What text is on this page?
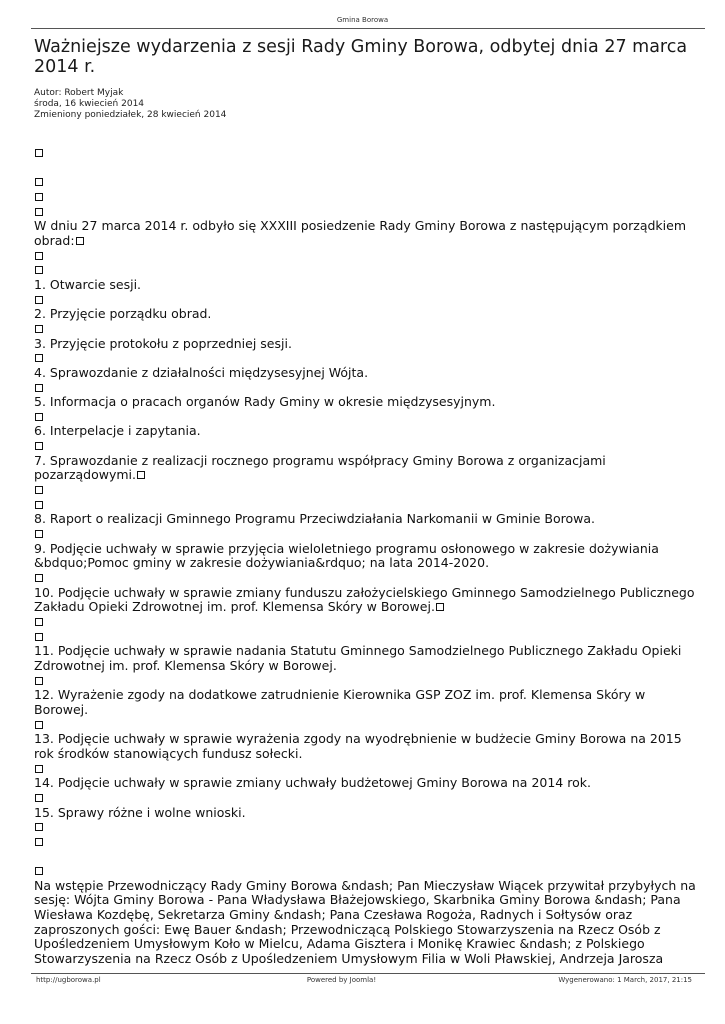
Gmina Borowa
Ważniejsze wydarzenia z sesji Rady Gminy Borowa, odbytej dnia 27 marca
2014 r.
Autor: Robert Myjak
środa, 16 kwiecień 2014
Zmieniony poniedziałek, 28 kwiecień 2014

W dniu 27 marca 2014 r. odbyło się XXXIII posiedzenie Rady Gminy Borowa z następującym porządkiem
obrad:
1. Otwarcie sesji.
2. Przyjęcie porządku obrad.
3. Przyjęcie protokołu z poprzedniej sesji.
4. Sprawozdanie z działalności międzysesyjnej Wójta.
5. Informacja o pracach organów Rady Gminy w okresie międzysesyjnym.
6. Interpelacje i zapytania.
7. Sprawozdanie z realizacji rocznego programu współpracy Gminy Borowa z organizacjami
pozarządowymi.
8. Raport o realizacji Gminnego Programu Przeciwdziałania Narkomanii w Gminie Borowa.
9. Podjęcie uchwały w sprawie przyjęcia wieloletniego programu osłonowego w zakresie dożywiania
&bdquo;Pomoc gminy w zakresie dożywiania&rdquo; na lata 2014-2020.
10. Podjęcie uchwały w sprawie zmiany funduszu założycielskiego Gminnego Samodzielnego Publicznego
Zakładu Opieki Zdrowotnej im. prof. Klemensa Skóry w Borowej.
11. Podjęcie uchwały w sprawie nadania Statutu Gminnego Samodzielnego Publicznego Zakładu Opieki
Zdrowotnej im. prof. Klemensa Skóry w Borowej.
12. Wyrażenie zgody na dodatkowe zatrudnienie Kierownika GSP ZOZ im. prof. Klemensa Skóry w
Borowej.
13. Podjęcie uchwały w sprawie wyrażenia zgody na wyodrębnienie w budżecie Gminy Borowa na 2015
rok środków stanowiących fundusz sołecki.
14. Podjęcie uchwały w sprawie zmiany uchwały budżetowej Gminy Borowa na 2014 rok.
15. Sprawy różne i wolne wnioski.

Na wstępie Przewodniczący Rady Gminy Borowa &ndash; Pan Mieczysław Wiącek przywitał przybyłych na
sesję: Wójta Gminy Borowa - Pana Władysława Błażejowskiego, Skarbnika Gminy Borowa &ndash; Pana
Wiesława Kozdębę, Sekretarza Gminy &ndash; Pana Czesława Rogoża, Radnych i Sołtysów oraz
zaproszonych gości: Ewę Bauer &ndash; Przewodniczącą Polskiego Stowarzyszenia na Rzecz Osób z
Upośledzeniem Umysłowym Koło w Mielcu, Adama Gisztera i Monikę Krawiec &ndash; z Polskiego
Stowarzyszenia na Rzecz Osób z Upośledzeniem Umysłowym Filia w Woli Pławskiej, Andrzeja Jarosza
http://ugborowa.pl	Powered by Joomla!	Wygenerowano: 1 March, 2017, 21:15
